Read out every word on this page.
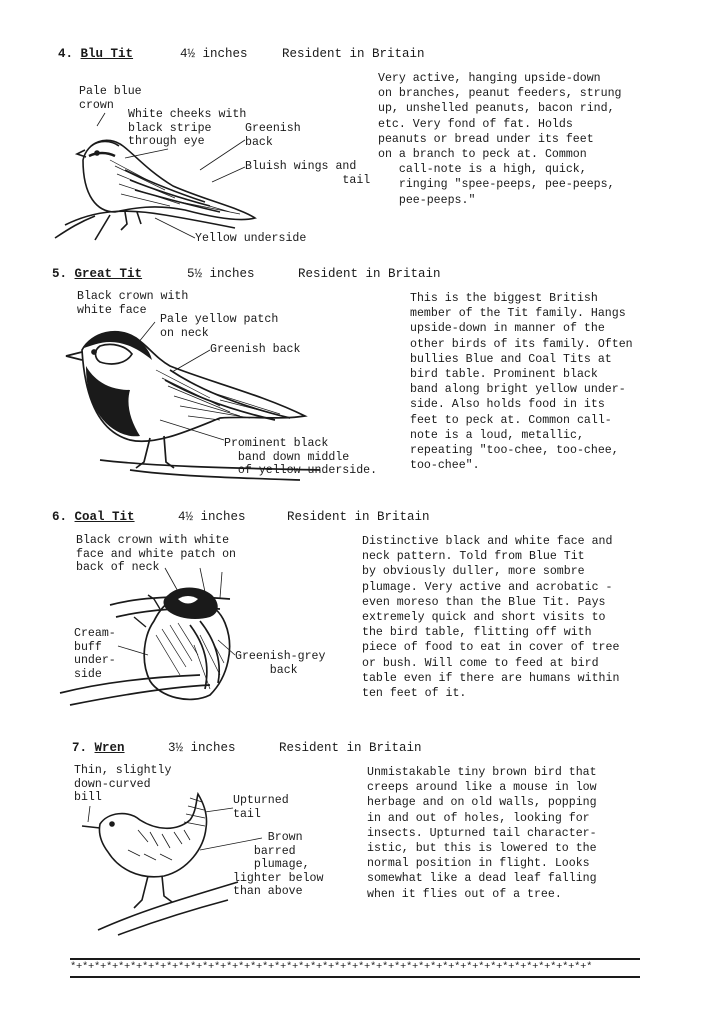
4. Blu Tit	4½ inches	Resident in Britain
Pale blue
crown
White cheeks with
black stripe
through eye
Greenish
back
Bluish wings and
tail
Yellow underside
Very active, hanging upside-down
on branches, peanut feeders, strung
up, unshelled peanuts, bacon rind,
etc. Very fond of fat. Holds
peanuts or bread under its feet
on a branch to peck at. Common
call-note is a high, quick,
ringing "spee-peeps, pee-peeps,
pee-peeps."
5. Great Tit	5½ inches	Resident in Britain
Black crown with
white face
Pale yellow patch
on neck
Greenish back
Prominent black
band down middle
of yellow underside.
This is the biggest British
member of the Tit family. Hangs
upside-down in manner of the
other birds of its family. Often
bullies Blue and Coal Tits at
bird table. Prominent black
band along bright yellow under-
side. Also holds food in its
feet to peck at. Common call-
note is a loud, metallic,
repeating "too-chee, too-chee,
too-chee".
6. Coal Tit	4½ inches	Resident in Britain
Black crown with white
face and white patch on
back of neck
Cream-
buff
under-
side
Greenish-grey
back
Distinctive black and white face and
neck pattern. Told from Blue Tit
by obviously duller, more sombre
plumage. Very active and acrobatic -
even moreso than the Blue Tit. Pays
extremely quick and short visits to
the bird table, flitting off with
piece of food to eat in cover of tree
or bush. Will come to feed at bird
table even if there are humans within
ten feet of it.
7. Wren	3½ inches	Resident in Britain
Thin, slightly
down-curved
bill	Upturned
tail
Brown
barred
plumage,
lighter below
than above
Unmistakable tiny brown bird that
creeps around like a mouse in low
herbage and on old walls, popping
in and out of holes, looking for
insects. Upturned tail character-
istic, but this is lowered to the
normal position in flight. Looks
somewhat like a dead leaf falling
when it flies out of a tree.
*+*+*+*+*+*+*+*+*+*+*+*+*+*+*+*+*+*+*+*+*+*+*+*+*+*+*+*+*+*+*+*+*+*+*+*+*+*+*+*+*+*+*+*
